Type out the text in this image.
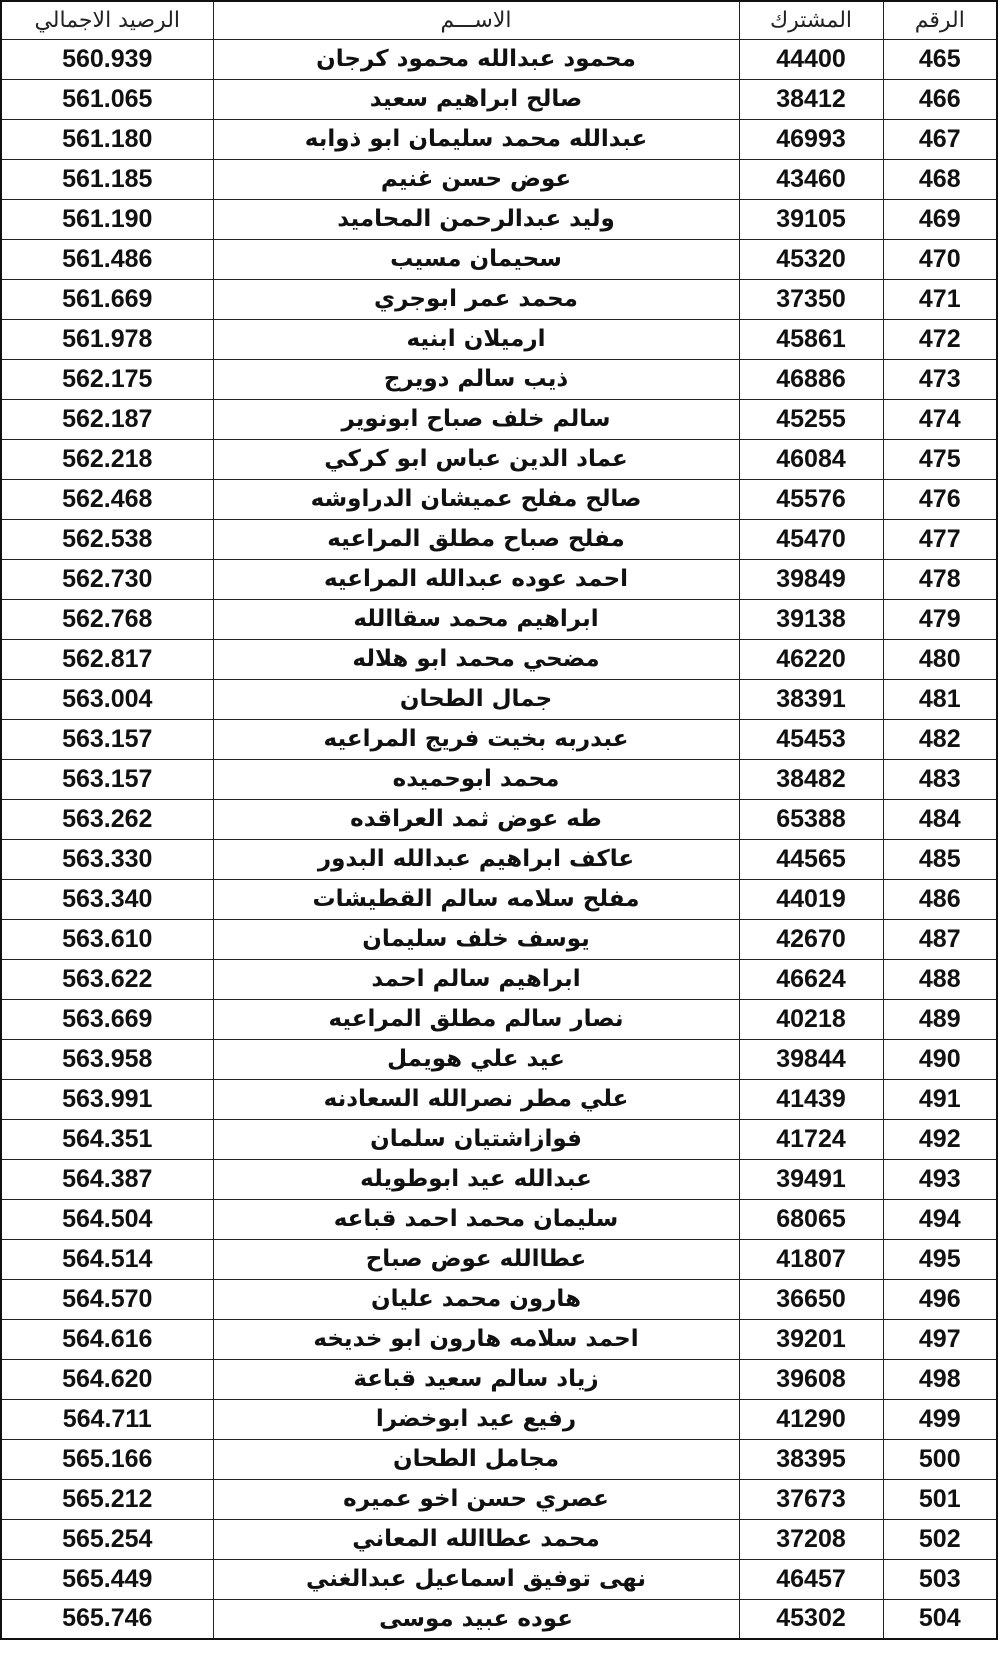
الرقم	المشترك	الاســـم	الرصيد الاجمالي
465	44400	محمود عبدالله محمود كرجان	560.939
466	38412	صالح ابراهيم سعيد	561.065
467	46993	عبدالله محمد سليمان ابو ذوابه	561.180
468	43460	عوض حسن غنيم	561.185
469	39105	وليد عبدالرحمن المحاميد	561.190
470	45320	سحيمان مسيب	561.486
471	37350	محمد عمر ابوجري	561.669
472	45861	ارميلان ابنيه	561.978
473	46886	ذيب سالم دويرج	562.175
474	45255	سالم خلف صباح ابونوير	562.187
475	46084	عماد الدين عباس ابو كركي	562.218
476	45576	صالح مفلح عميشان الدراوشه	562.468
477	45470	مفلح صباح مطلق المراعيه	562.538
478	39849	احمد عوده عبدالله المراعيه	562.730
479	39138	ابراهيم محمد سقاالله	562.768
480	46220	مضحي محمد ابو هلاله	562.817
481	38391	جمال الطحان	563.004
482	45453	عبدربه بخيت فريج المراعيه	563.157
483	38482	محمد ابوحميده	563.157
484	65388	طه عوض ثمد العراقده	563.262
485	44565	عاكف ابراهيم عبدالله البدور	563.330
486	44019	مفلح سلامه سالم القطيشات	563.340
487	42670	يوسف خلف سليمان	563.610
488	46624	ابراهيم سالم احمد	563.622
489	40218	نصار سالم مطلق المراعيه	563.669
490	39844	عيد علي هويمل	563.958
491	41439	علي مطر نصرالله السعادنه	563.991
492	41724	فوازاشتيان سلمان	564.351
493	39491	عبدالله عيد ابوطويله	564.387
494	68065	سليمان محمد احمد قباعه	564.504
495	41807	عطاالله عوض صباح	564.514
496	36650	هارون محمد عليان	564.570
497	39201	احمد سلامه هارون ابو خديخه	564.616
498	39608	زياد سالم سعيد قباعة	564.620
499	41290	رفيع عيد ابوخضرا	564.711
500	38395	مجامل الطحان	565.166
501	37673	عصري حسن اخو عميره	565.212
502	37208	محمد عطاالله المعاني	565.254
503	46457	نهى توفيق اسماعيل عبدالغني	565.449
504	45302	عوده عبيد موسى	565.746
